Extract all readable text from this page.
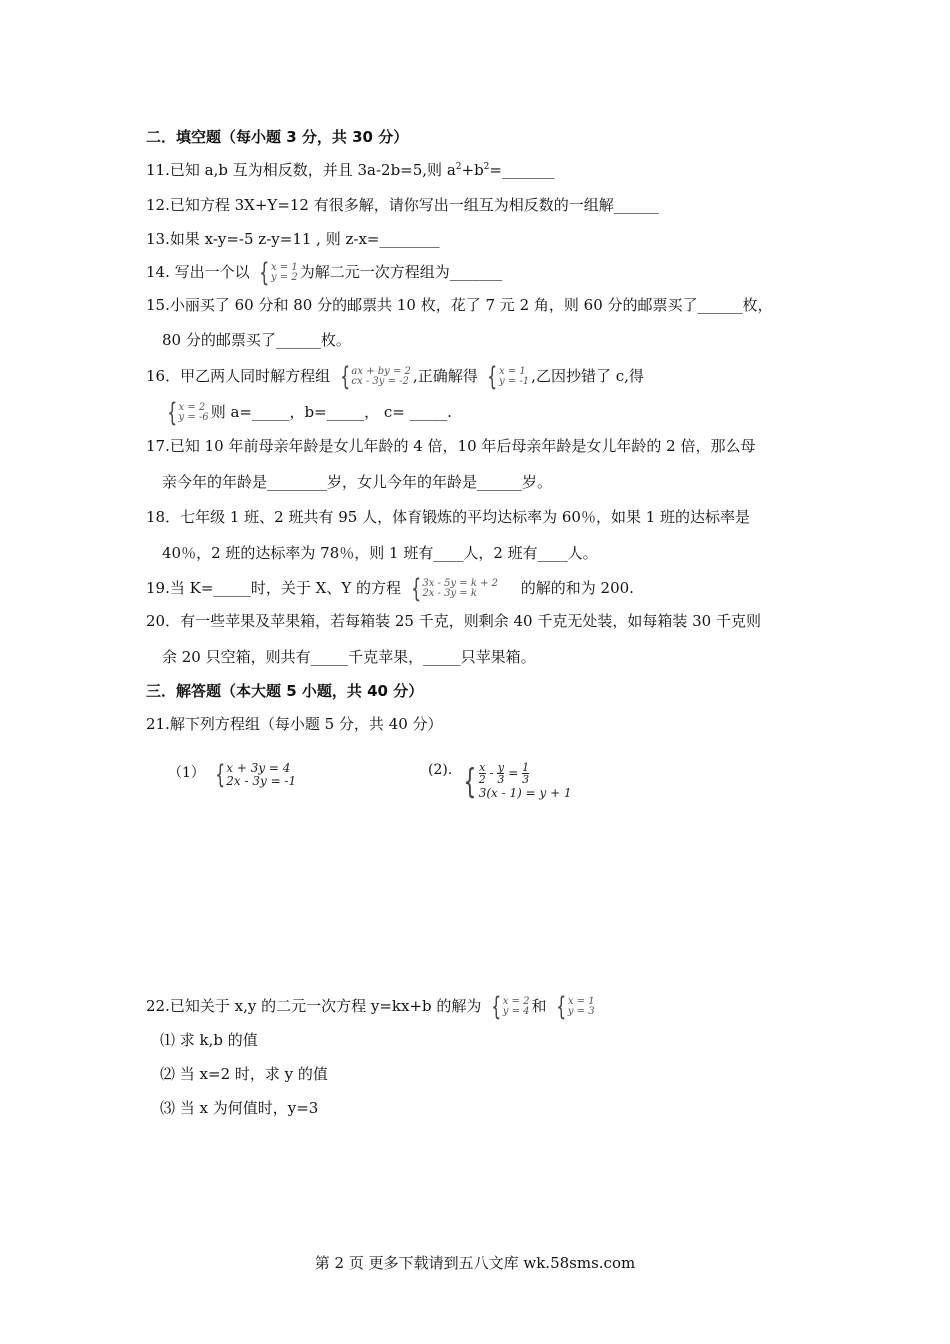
二．填空题（每小题 3 分，共 30 分）
11.已知 a,b 互为相反数，并且 3a-2b=5,则 $a^2+b^2=\_\_\_\_\_\_\_$
12.已知方程 3X+Y=12 有很多解，请你写出一组互为相反数的一组解______
13.如果 x-y=-5 z-y=11 , 则 z-x=________
14. 写出一个以 { x = 1
y = 2 为解二元一次方程组为_______
15.小丽买了 60 分和 80 分的邮票共 10 枚，花了 7 元 2 角，则 60 分的邮票买了______枚，
80 分的邮票买了______枚。
16．甲乙两人同时解方程组 { ax + by = 2
cx - 3y = -2 ,正确解得 { x = 1
y = -1 ,乙因抄错了 c,得
{ x = 2
y = -6 则 a=_____，b=_____， c= _____.
17.已知 10 年前母亲年龄是女儿年龄的 4 倍，10 年后母亲年龄是女儿年龄的 2 倍，那么母
亲今年的年龄是________岁，女儿今年的年龄是______岁。
18．七年级 1 班、2 班共有 95 人，体育锻炼的平均达标率为 60％，如果 1 班的达标率是
40％，2 班的达标率为 78％，则 1 班有____人，2 班有____人。
19.当 K=_____时，关于 X、Y 的方程 { 3x - 5y = k + 2
2x - 3y = k	的解的和为 200.
20．有一些苹果及苹果箱，若每箱装 25 千克，则剩余 40 千克无处装，如每箱装 30 千克则
余 20 只空箱，则共有_____千克苹果，_____只苹果箱。
三．解答题（本大题 5 小题，共 40 分）
21.解下列方程组（每小题 5 分，共 40 分）
（1） { x + 3y = 4
2x - 3y = -1
(2). { $\frac{x}{2} - \frac{y}{3} = \frac{1}{3}$
3(x - 1) = y + 1
22.已知关于 x,y 的二元一次方程 y=kx+b 的解为 { x = 2
y = 4 和 { x = 1
y = 3
⑴ 求 k,b 的值
⑵ 当 x=2 时，求 y 的值
⑶ 当 x 为何值时，y=3
第 2 页 更多下载请到五八文库 wk.58sms.com
